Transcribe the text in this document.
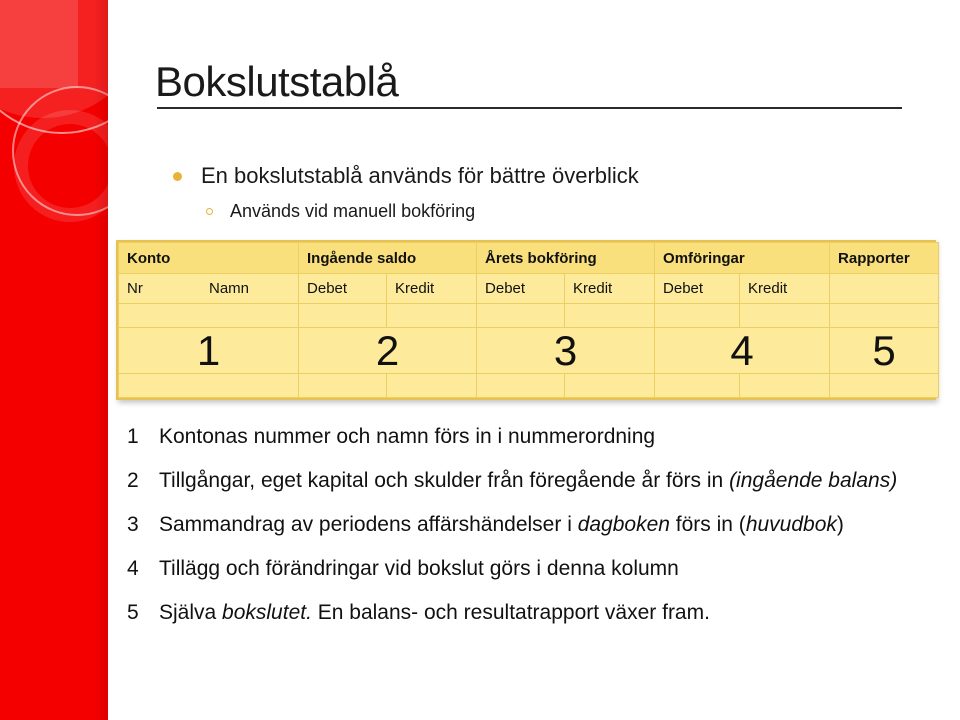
Bokslutstablå
En bokslutstablå används för bättre överblick
Används vid manuell bokföring
Konto	Ingående saldo		Årets bokföring		Omföringar		Rapporter

Nr Namn	Debet	Kredit	Debet	Kredit	Debet	Kredit	

1	2		3		4		5

1 Kontonas nummer och namn förs in i nummerordning
2 Tillgångar, eget kapital och skulder från föregående år förs in (ingående balans)
3 Sammandrag av periodens affärshändelser i dagboken förs in (huvudbok)
4 Tillägg och förändringar vid bokslut görs i denna kolumn
5 Själva bokslutet. En balans- och resultatrapport växer fram.
